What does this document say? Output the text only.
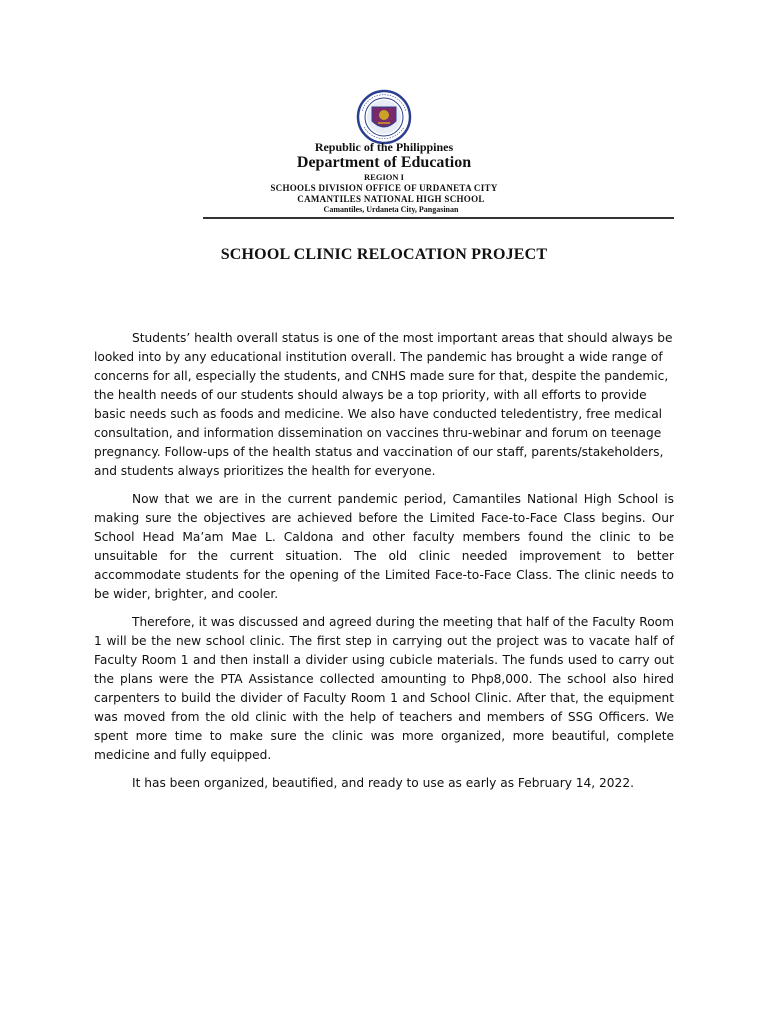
Republic of the Philippines
Department of Education
REGION I
SCHOOLS DIVISION OFFICE OF URDANETA CITY
CAMANTILES NATIONAL HIGH SCHOOL
Camantiles, Urdaneta City, Pangasinan
SCHOOL CLINIC RELOCATION PROJECT

Students’ health overall status is one of the most important areas that should always be looked into by any educational institution overall. The pandemic has brought a wide range of concerns for all, especially the students, and CNHS made sure for that, despite the pandemic, the health needs of our students should always be a top priority, with all efforts to provide basic needs such as foods and medicine. We also have conducted teledentistry, free medical consultation, and information dissemination on vaccines thru-webinar and forum on teenage pregnancy. Follow-ups of the health status and vaccination of our staff, parents/stakeholders, and students always prioritizes the health for everyone.

Now that we are in the current pandemic period, Camantiles National High School is making sure the objectives are achieved before the Limited Face-to-Face Class begins. Our School Head Ma’am Mae L. Caldona and other faculty members found the clinic to be unsuitable for the current situation. The old clinic needed improvement to better accommodate students for the opening of the Limited Face-to-Face Class. The clinic needs to be wider, brighter, and cooler.

Therefore, it was discussed and agreed during the meeting that half of the Faculty Room 1 will be the new school clinic. The first step in carrying out the project was to vacate half of Faculty Room 1 and then install a divider using cubicle materials. The funds used to carry out the plans were the PTA Assistance collected amounting to Php8,000. The school also hired carpenters to build the divider of Faculty Room 1 and School Clinic. After that, the equipment was moved from the old clinic with the help of teachers and members of SSG Officers. We spent more time to make sure the clinic was more organized, more beautiful, complete medicine and fully equipped.

It has been organized, beautified, and ready to use as early as February 14, 2022.
